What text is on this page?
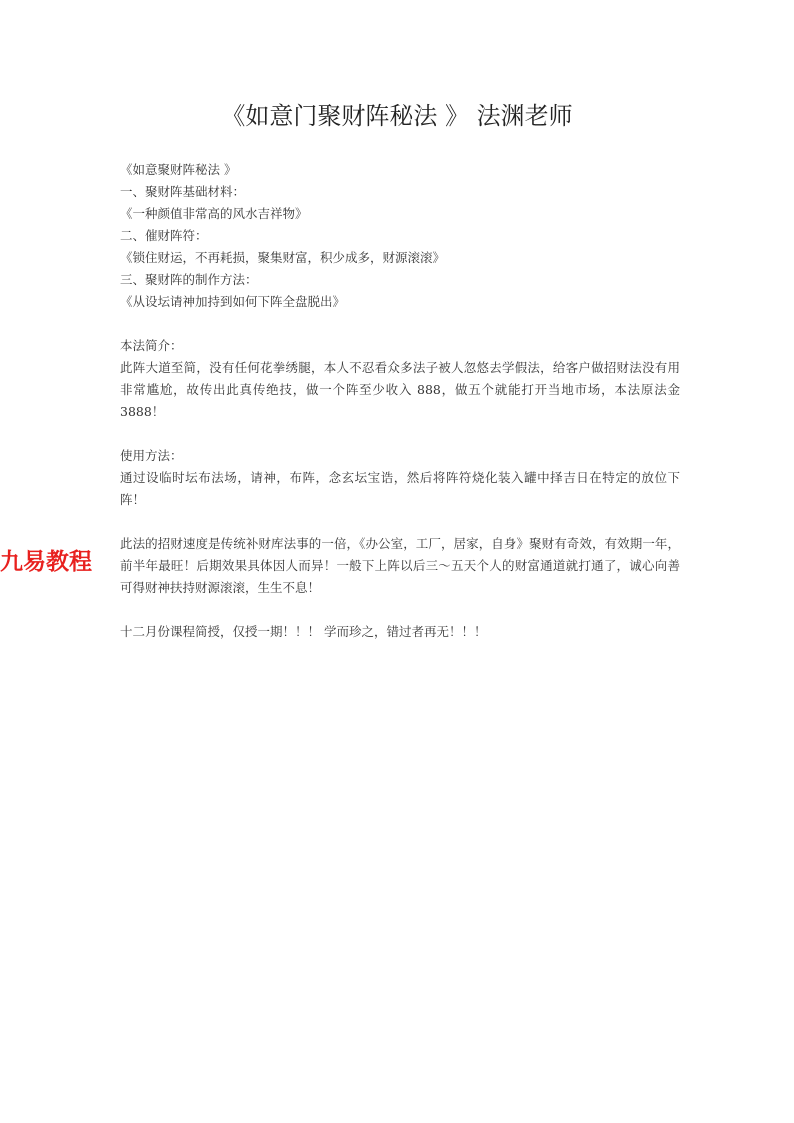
《如意门聚财阵秘法 》 法渊老师

《如意聚财阵秘法 》

一、聚财阵基础材料：

《一种颜值非常高的风水吉祥物》

二、催财阵符：

《锁住财运，不再耗损，聚集财富，积少成多，财源滚滚》

三、聚财阵的制作方法：

《从设坛请神加持到如何下阵全盘脱出》

本法简介：

此阵大道至简，没有任何花拳绣腿，本人不忍看众多法子被人忽悠去学假法，给客户做招财法没有用非常尴尬，故传出此真传绝技，做一个阵至少收入 888，做五个就能打开当地市场，本法原法金 3888！

使用方法：

通过设临时坛布法场，请神，布阵，念玄坛宝诰，然后将阵符烧化装入罐中择吉日在特定的放位下阵！

此法的招财速度是传统补财库法事的一倍，《办公室，工厂，居家，自身》聚财有奇效，有效期一年，前半年最旺！后期效果具体因人而异！一般下上阵以后三～五天个人的财富通道就打通了，诚心向善可得财神扶持财源滚滚，生生不息！

十二月份课程简授，仅授一期！！！ 学而珍之，错过者再无！！！

九易教程
